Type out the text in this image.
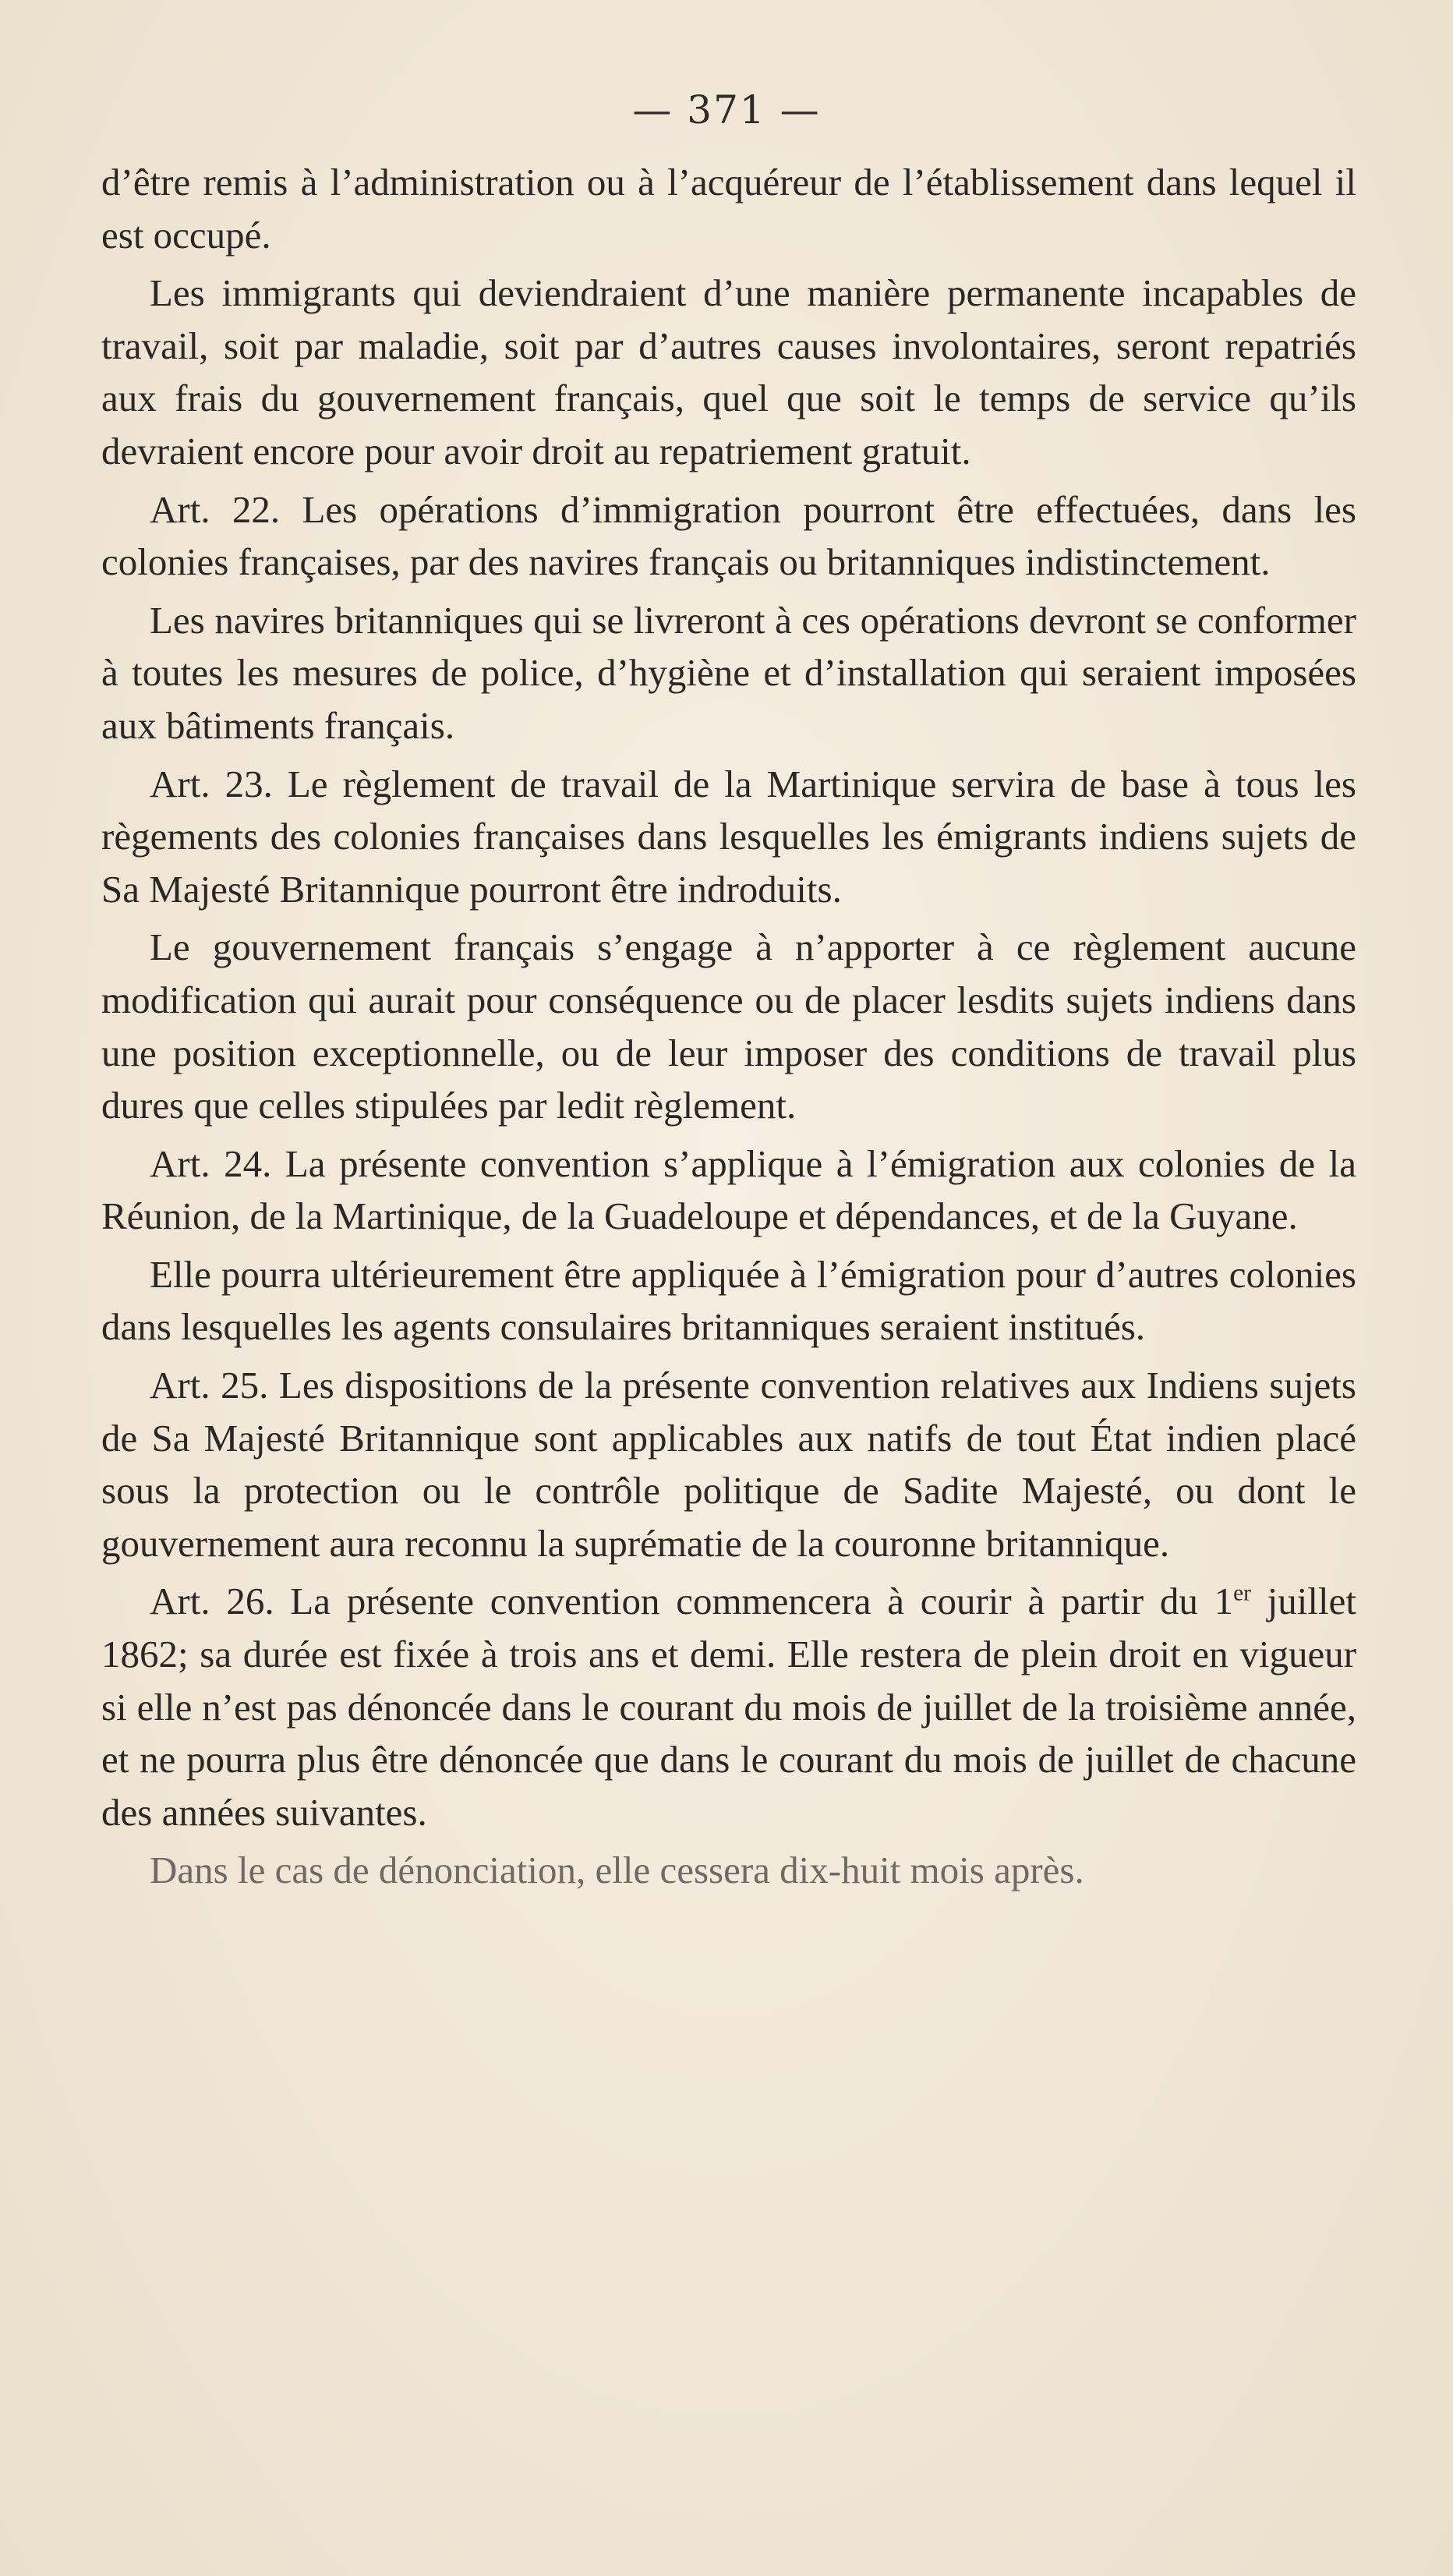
— 371 —

d’être remis à l’administration ou à l’acquéreur de l’établissement dans lequel il est occupé.

Les immigrants qui deviendraient d’une manière permanente incapables de travail, soit par maladie, soit par d’autres causes involontaires, seront repatriés aux frais du gouvernement français, quel que soit le temps de service qu’ils devraient encore pour avoir droit au repatriement gratuit.

Art. 22. Les opérations d’immigration pourront être effectuées, dans les colonies françaises, par des navires français ou britanniques indistinctement.

Les navires britanniques qui se livreront à ces opérations devront se conformer à toutes les mesures de police, d’hygiène et d’installation qui seraient imposées aux bâtiments français.

Art. 23. Le règlement de travail de la Martinique servira de base à tous les règements des colonies françaises dans lesquelles les émigrants indiens sujets de Sa Majesté Britannique pourront être indroduits.

Le gouvernement français s’engage à n’apporter à ce règlement aucune modification qui aurait pour conséquence ou de placer lesdits sujets indiens dans une position exceptionnelle, ou de leur imposer des conditions de travail plus dures que celles stipulées par ledit règlement.

Art. 24. La présente convention s’applique à l’émigration aux colonies de la Réunion, de la Martinique, de la Guadeloupe et dépendances, et de la Guyane.

Elle pourra ultérieurement être appliquée à l’émigration pour d’autres colonies dans lesquelles les agents consulaires britanniques seraient institués.

Art. 25. Les dispositions de la présente convention relatives aux Indiens sujets de Sa Majesté Britannique sont applicables aux natifs de tout État indien placé sous la protection ou le contrôle politique de Sadite Majesté, ou dont le gouvernement aura reconnu la suprématie de la couronne britannique.

Art. 26. La présente convention commencera à courir à partir du 1er juillet 1862; sa durée est fixée à trois ans et demi. Elle restera de plein droit en vigueur si elle n’est pas dénoncée dans le courant du mois de juillet de la troisième année, et ne pourra plus être dénoncée que dans le courant du mois de juillet de chacune des années suivantes.

Dans le cas de dénonciation, elle cessera dix-huit mois après.
